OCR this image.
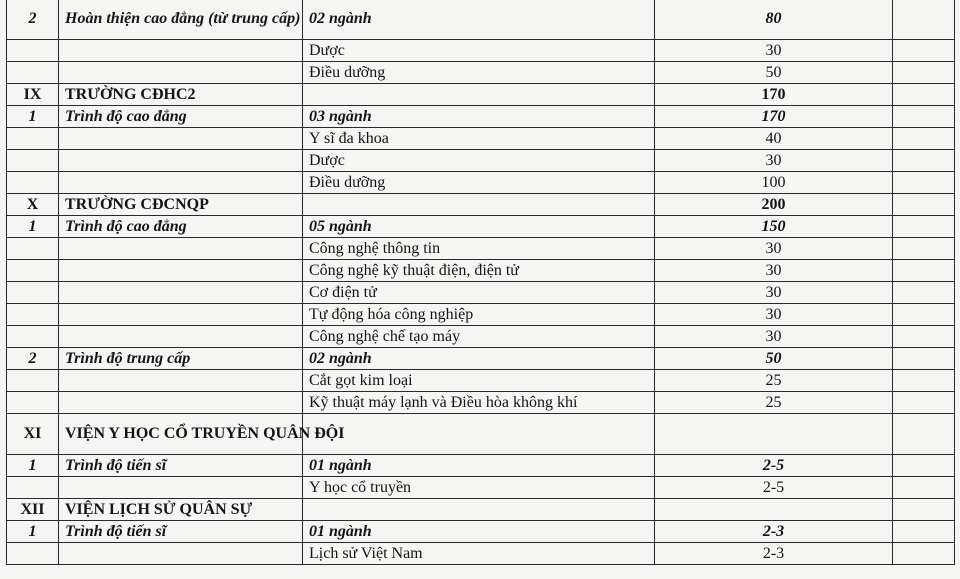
2	Hoàn thiện cao đẳng (từ trung cấp)	02 ngành	80	
		Dược	30	
		Điều dưỡng	50	
IX	TRƯỜNG CĐHC2		170	
1	Trình độ cao đẳng	03 ngành	170	
		Y sĩ đa khoa	40	
		Dược	30	
		Điều dưỡng	100	
X	TRƯỜNG CĐCNQP		200	
1	Trình độ cao đẳng	05 ngành	150	
		Công nghệ thông tin	30	
		Công nghệ kỹ thuật điện, điện tử	30	
		Cơ điện tử	30	
		Tự động hóa công nghiệp	30	
		Công nghệ chế tạo máy	30	
2	Trình độ trung cấp	02 ngành	50	
		Cắt gọt kim loại	25	
		Kỹ thuật máy lạnh và Điều hòa không khí	25	
XI	VIỆN Y HỌC CỔ TRUYỀN QUÂN ĐỘI			
1	Trình độ tiến sĩ	01 ngành	2-5	
		Y học cổ truyền	2-5	
XII	VIỆN LỊCH SỬ QUÂN SỰ			
1	Trình độ tiến sĩ	01 ngành	2-3	
		Lịch sử Việt Nam	2-3	
